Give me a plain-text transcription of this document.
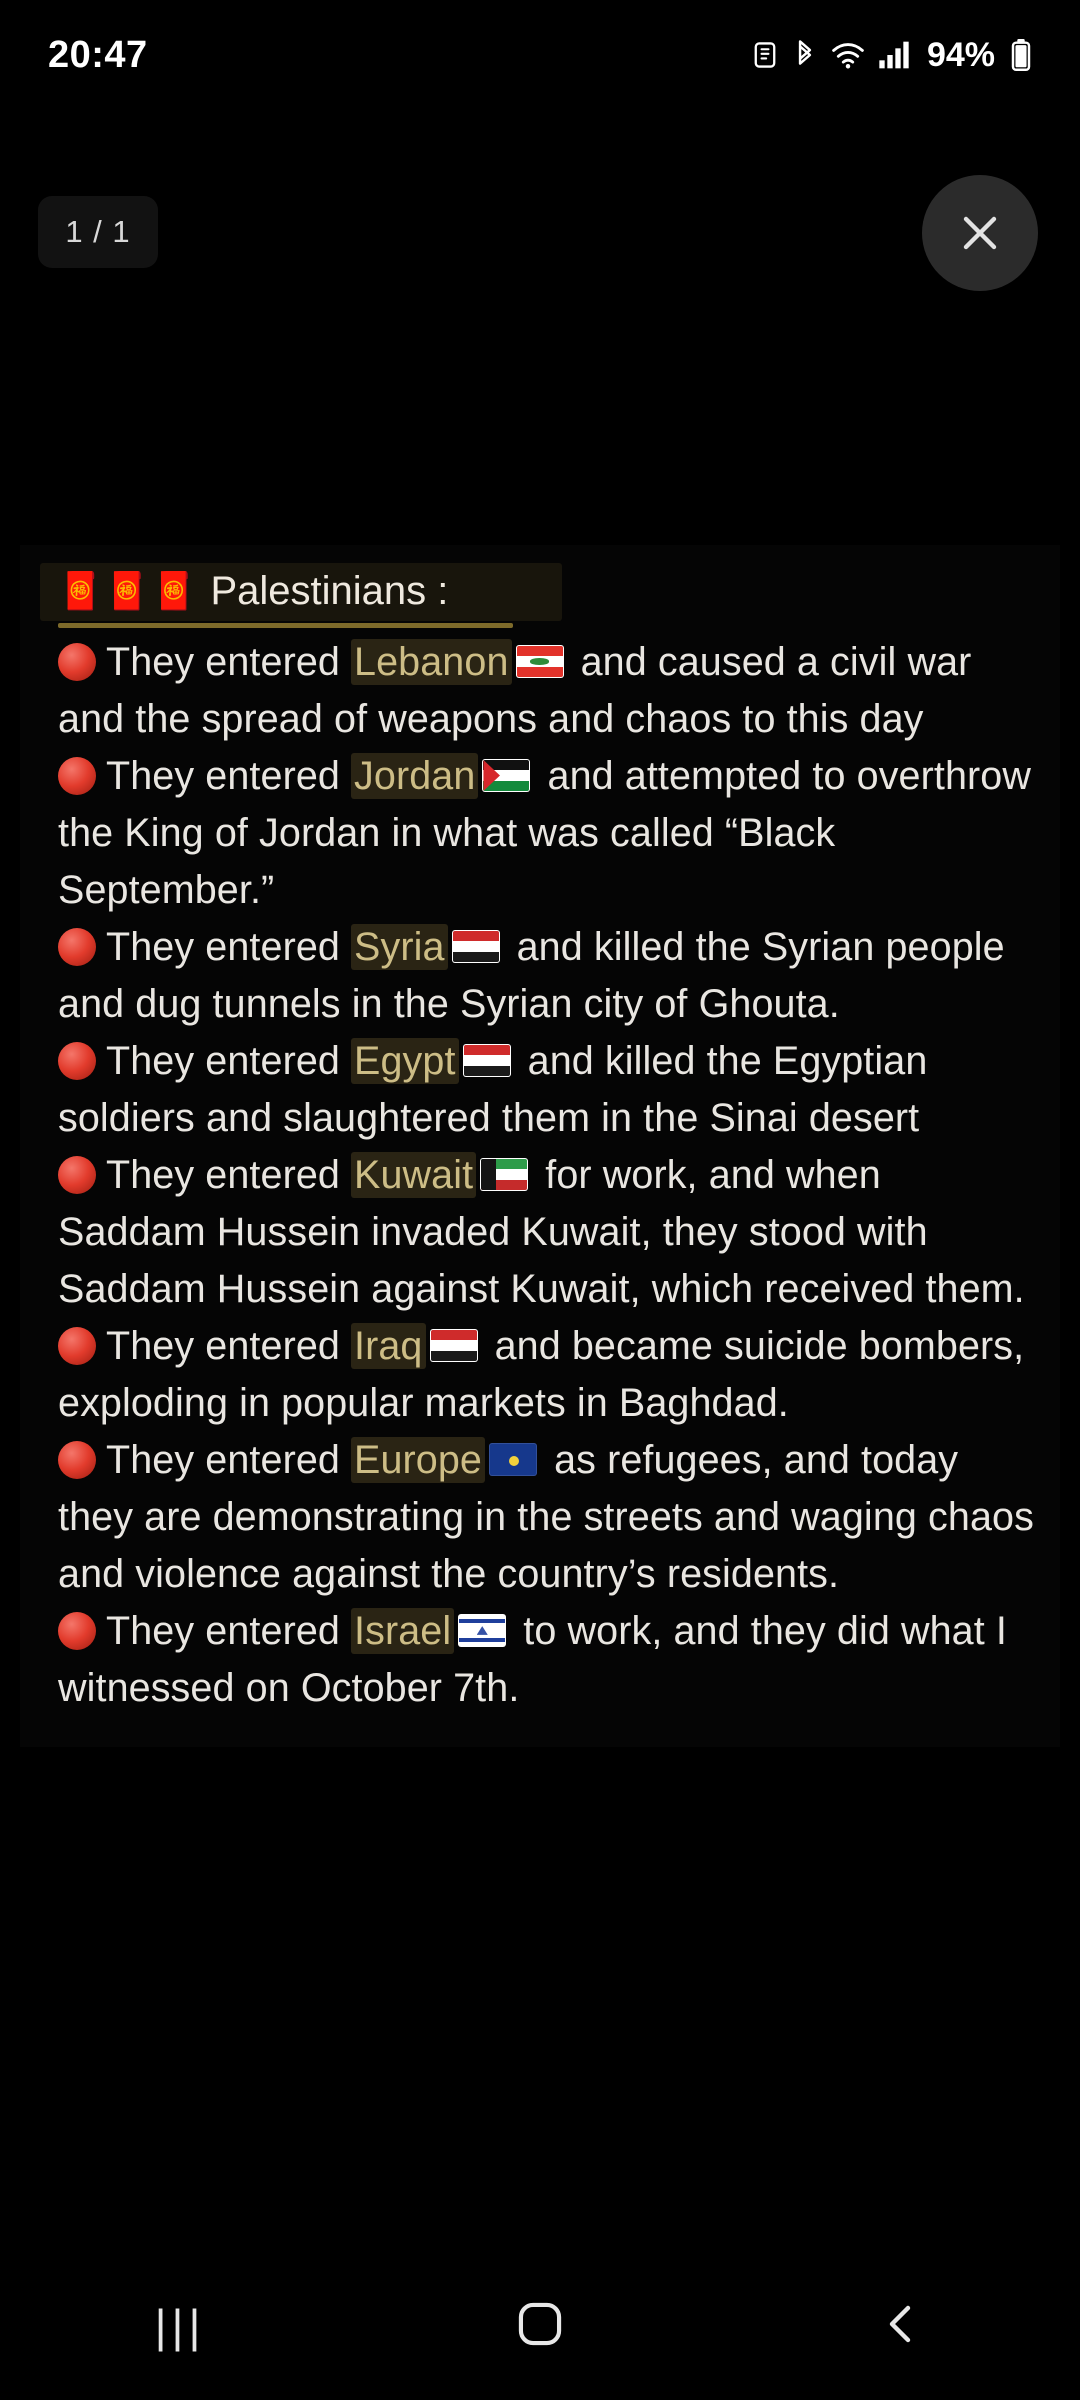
20:47	94%
1 / 1
🧧🧧🧧 Palestinians :

They entered Lebanon
and caused a civil war and the spread of weapons and chaos to this day

They entered Jordan
and attempted to overthrow the King of Jordan in what was called “Black September.”

They entered Syria
and killed the Syrian people and dug tunnels in the Syrian city of Ghouta.

They entered Egypt
and killed the Egyptian soldiers and slaughtered them in the Sinai desert

They entered Kuwait
for work, and when Saddam Hussein invaded Kuwait, they stood with Saddam Hussein against Kuwait, which received them.

They entered Iraq
and became suicide bombers, exploding in popular markets in Baghdad.

They entered Europe
as refugees, and today they are demonstrating in the streets and waging chaos and violence against the country’s residents.

They entered Israel
to work, and they did what I witnessed on October 7th.

|||
